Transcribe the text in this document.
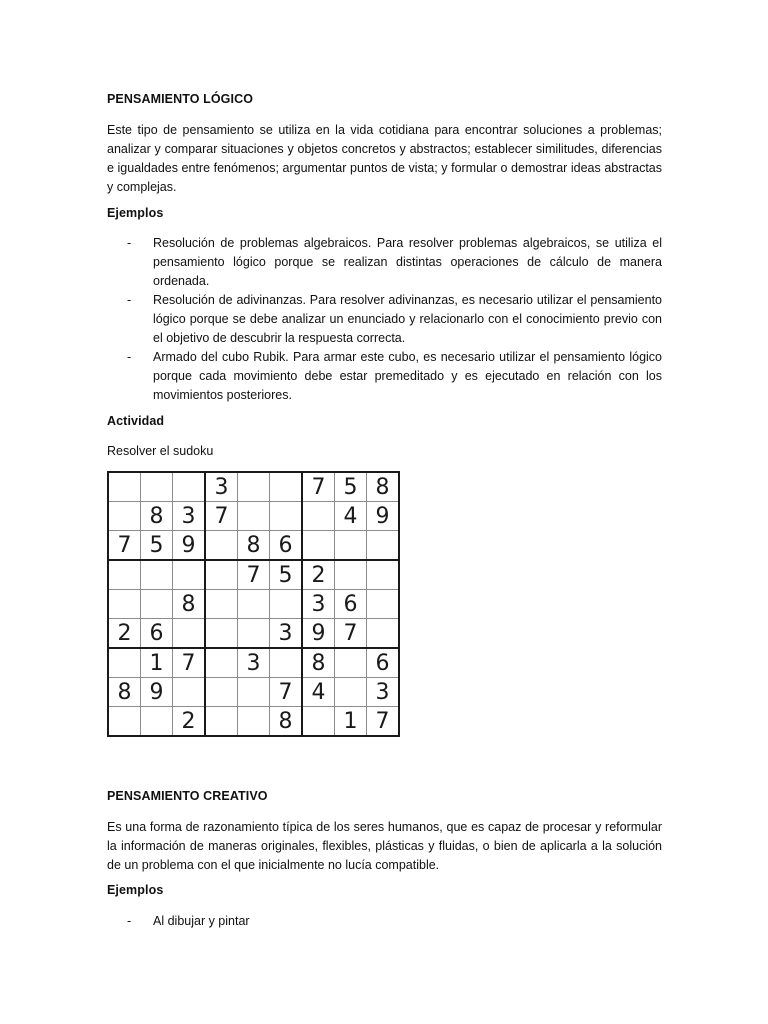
PENSAMIENTO LÓGICO
Este tipo de pensamiento se utiliza en la vida cotidiana para encontrar soluciones a problemas; analizar y comparar situaciones y objetos concretos y abstractos; establecer similitudes, diferencias e igualdades entre fenómenos; argumentar puntos de vista; y formular o demostrar ideas abstractas y complejas.
Ejemplos
- Resolución de problemas algebraicos. Para resolver problemas algebraicos, se utiliza el pensamiento lógico porque se realizan distintas operaciones de cálculo de manera ordenada.
- Resolución de adivinanzas. Para resolver adivinanzas, es necesario utilizar el pensamiento lógico porque se debe analizar un enunciado y relacionarlo con el conocimiento previo con el objetivo de descubrir la respuesta correcta.
- Armado del cubo Rubik. Para armar este cubo, es necesario utilizar el pensamiento lógico porque cada movimiento debe estar premeditado y es ejecutado en relación con los movimientos posteriores.
Actividad
Resolver el sudoku
			3			7	5	8
	8	3	7				4	9
7	5	9		8	6			
				7	5	2		
		8				3	6	
2	6				3	9	7	
	1	7		3		8		6
8	9				7	4		3
		2			8		1	7
PENSAMIENTO CREATIVO
Es una forma de razonamiento típica de los seres humanos, que es capaz de procesar y reformular la información de maneras originales, flexibles, plásticas y fluidas, o bien de aplicarla a la solución de un problema con el que inicialmente no lucía compatible.
Ejemplos
- Al dibujar y pintar
